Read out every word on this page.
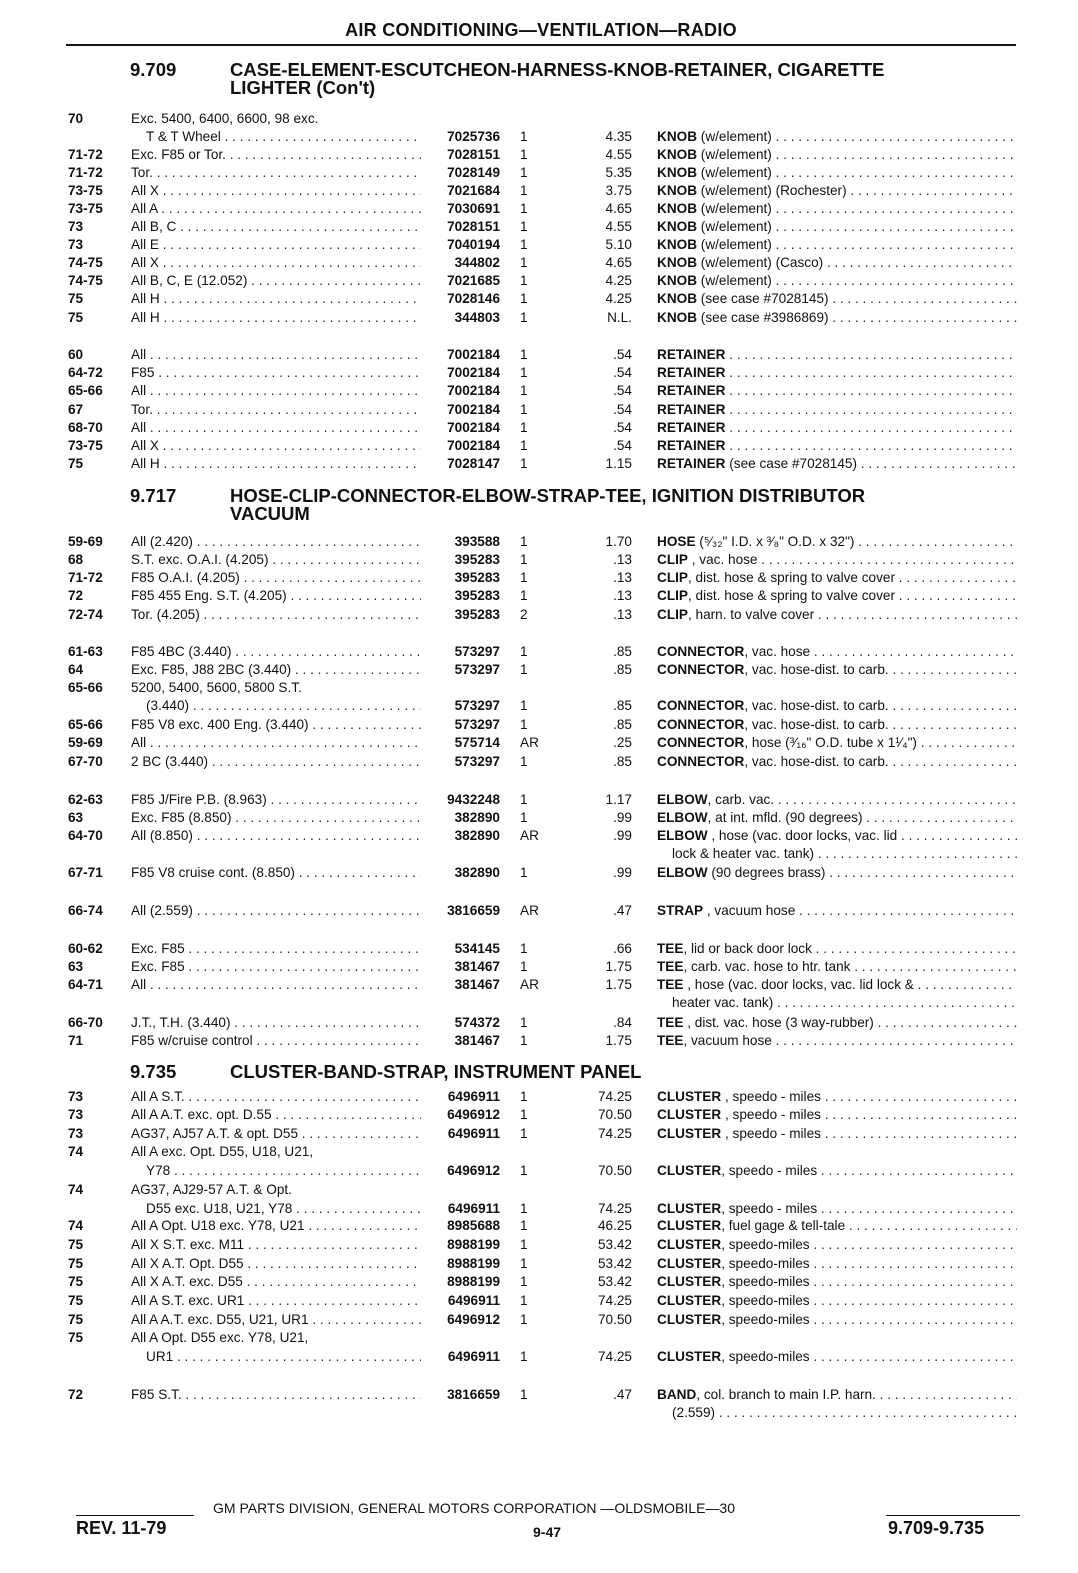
AIR CONDITIONING—VENTILATION—RADIO
9.709	CASE-ELEMENT-ESCUTCHEON-HARNESS-KNOB-RETAINER, CIGARETTE
LIGHTER (Con't)
9.717	HOSE-CLIP-CONNECTOR-ELBOW-STRAP-TEE, IGNITION DISTRIBUTOR
VACUUM
9.735	CLUSTER-BAND-STRAP, INSTRUMENT PANEL
70	Exc. 5400, 6400, 6600, 98 exc.
T & T Wheel . . .	7025736 1	4.35 KNOB (w/element) . . .
71-72	Exc. F85 or Tor. . . .	7028151 1	4.55 KNOB (w/element) . . .
71-72	Tor. . . .	7028149 1	5.35 KNOB (w/element) . . .
73-75	All X . . .	7021684 1	3.75 KNOB (w/element) (Rochester) . . .
73-75	All A . . .	7030691 1	4.65 KNOB (w/element) . . .
73	All B, C . . .	7028151 1	4.55 KNOB (w/element) . . .
73	All E . . .	7040194 1	5.10 KNOB (w/element) . . .
74-75	All X . . .	344802 1	4.65 KNOB (w/element) (Casco) . . .
74-75	All B, C, E (12.052) . . .	7021685 1	4.25 KNOB (w/element) . . .
75	All H . . .	7028146 1	4.25 KNOB (see case #7028145) . . .
75	All H . . .	344803 1	N.L. KNOB (see case #3986869) . . .
60	All . . .	7002184 1	.54 RETAINER . . .
64-72	F85 . . .	7002184 1	.54 RETAINER . . .
65-66	All . . .	7002184 1	.54 RETAINER . . .
67	Tor. . . .	7002184 1	.54 RETAINER . . .
68-70	All . . .	7002184 1	.54 RETAINER . . .
73-75	All X . . .	7002184 1	.54 RETAINER . . .
75	All H . . .	7028147 1	1.15 RETAINER (see case #7028145) . . .
59-69	All (2.420) . . .	393588 1	1.70 HOSE (⁵⁄₃₂" I.D. x ³⁄₈" O.D. x 32") . . .
68	S.T. exc. O.A.I. (4.205) . . .	395283 1	.13 CLIP , vac. hose . . .
71-72	F85 O.A.I. (4.205) . . .	395283 1	.13 CLIP, dist. hose & spring to valve cover . . .
72	F85 455 Eng. S.T. (4.205) . . .	395283 1	.13 CLIP, dist. hose & spring to valve cover . . .
72-74	Tor. (4.205) . . .	395283 2	.13 CLIP, harn. to valve cover . . .
61-63	F85 4BC (3.440) . . .	573297 1	.85 CONNECTOR, vac. hose . . .
64	Exc. F85, J88 2BC (3.440) . . .	573297 1	.85 CONNECTOR, vac. hose-dist. to carb. . . .
65-66	5200, 5400, 5600, 5800 S.T.
(3.440) . . .	573297 1	.85 CONNECTOR, vac. hose-dist. to carb. . . .
65-66	F85 V8 exc. 400 Eng. (3.440) . . .	573297 1	.85 CONNECTOR, vac. hose-dist. to carb. . . .
59-69	All . . .	575714 AR	.25 CONNECTOR, hose (³⁄₁₆" O.D. tube x 1¹⁄₄") . . .
67-70	2 BC (3.440) . . .	573297 1	.85 CONNECTOR, vac. hose-dist. to carb. . . .
62-63	F85 J/Fire P.B. (8.963) . . .	9432248 1	1.17 ELBOW, carb. vac. . . .
63	Exc. F85 (8.850) . . .	382890 1	.99 ELBOW, at int. mfld. (90 degrees) . . .
64-70	All (8.850) . . .	382890 AR	.99 ELBOW , hose (vac. door locks, vac. lid . . .
lock & heater vac. tank) . . .
67-71	F85 V8 cruise cont. (8.850) . . .	382890 1	.99 ELBOW (90 degrees brass) . . .
66-74	All (2.559) . . .	3816659 AR	.47 STRAP , vacuum hose . . .
60-62	Exc. F85 . . .	534145 1	.66 TEE, lid or back door lock . . .
63	Exc. F85 . . .	381467 1	1.75 TEE, carb. vac. hose to htr. tank . . .
64-71	All . . .	381467 AR	1.75 TEE , hose (vac. door locks, vac. lid lock & . . .
heater vac. tank) . . .
66-70	J.T., T.H. (3.440) . . .	574372 1	.84 TEE , dist. vac. hose (3 way-rubber) . . .
71	F85 w/cruise control . . .	381467 1	1.75 TEE, vacuum hose . . .
73	All A S.T. . . .	6496911 1	74.25 CLUSTER , speedo - miles . . .
73	All A A.T. exc. opt. D.55 . . .	6496912 1	70.50 CLUSTER , speedo - miles . . .
73	AG37, AJ57 A.T. & opt. D55 . . .	6496911 1	74.25 CLUSTER , speedo - miles . . .
74	All A exc. Opt. D55, U18, U21,
Y78 . . .	6496912 1	70.50 CLUSTER, speedo - miles . . .
74	AG37, AJ29-57 A.T. & Opt.
D55 exc. U18, U21, Y78 . . .	6496911 1	74.25 CLUSTER, speedo - miles . . .
74	All A Opt. U18 exc. Y78, U21 . . .	8985688 1	46.25 CLUSTER, fuel gage & tell-tale . . .
75	All X S.T. exc. M11 . . .	8988199 1	53.42 CLUSTER, speedo-miles . . .
75	All X A.T. Opt. D55 . . .	8988199 1	53.42 CLUSTER, speedo-miles . . .
75	All X A.T. exc. D55 . . .	8988199 1	53.42 CLUSTER, speedo-miles . . .
75	All A S.T. exc. UR1 . . .	6496911 1	74.25 CLUSTER, speedo-miles . . .
75	All A A.T. exc. D55, U21, UR1 . . .	6496912 1	70.50 CLUSTER, speedo-miles . . .
75	All A Opt. D55 exc. Y78, U21,
UR1 . . .	6496911 1	74.25 CLUSTER, speedo-miles . . .
72	F85 S.T. . . .	3816659 1	.47 BAND, col. branch to main I.P. harn. . . .
(2.559) . . .
GM PARTS DIVISION, GENERAL MOTORS CORPORATION —OLDSMOBILE—30
REV. 11-79	9-47	9.709-9.735
